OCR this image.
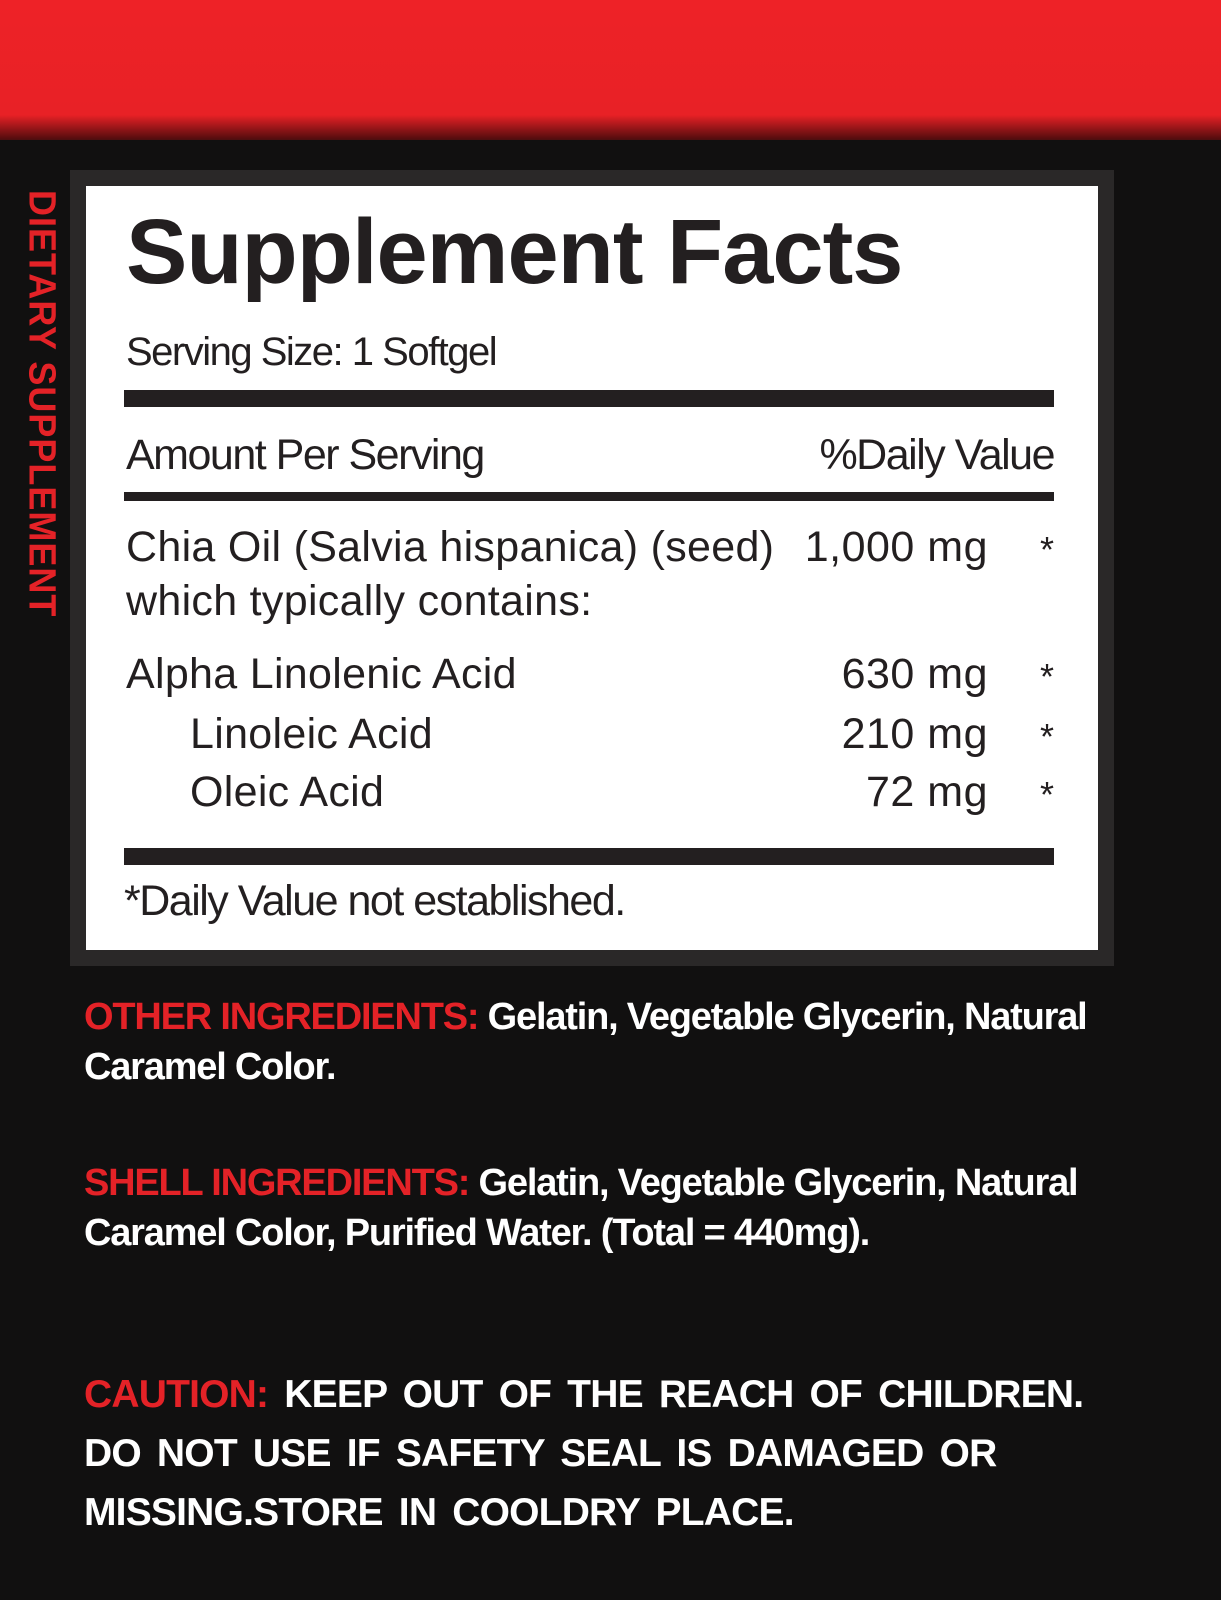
DIETARY SUPPLEMENT Supplement Facts
Serving Size: 1 Softgel
Amount Per Serving	%Daily Value
Chia Oil (Salvia hispanica) (seed) 1,000 mg *
which typically contains:
Alpha Linolenic Acid	630 mg *
Linoleic Acid	210 mg *
Oleic Acid	72 mg *
*Daily Value not established.
OTHER INGREDIENTS: Gelatin, Vegetable Glycerin, Natural Caramel Color.
SHELL INGREDIENTS: Gelatin, Vegetable Glycerin, Natural Caramel Color, Purified Water. (Total = 440mg).
CAUTION: KEEP OUT OF THE REACH OF CHILDREN. DO NOT USE IF SAFETY SEAL IS DAMAGED OR MISSING.STORE IN COOLDRY PLACE.
